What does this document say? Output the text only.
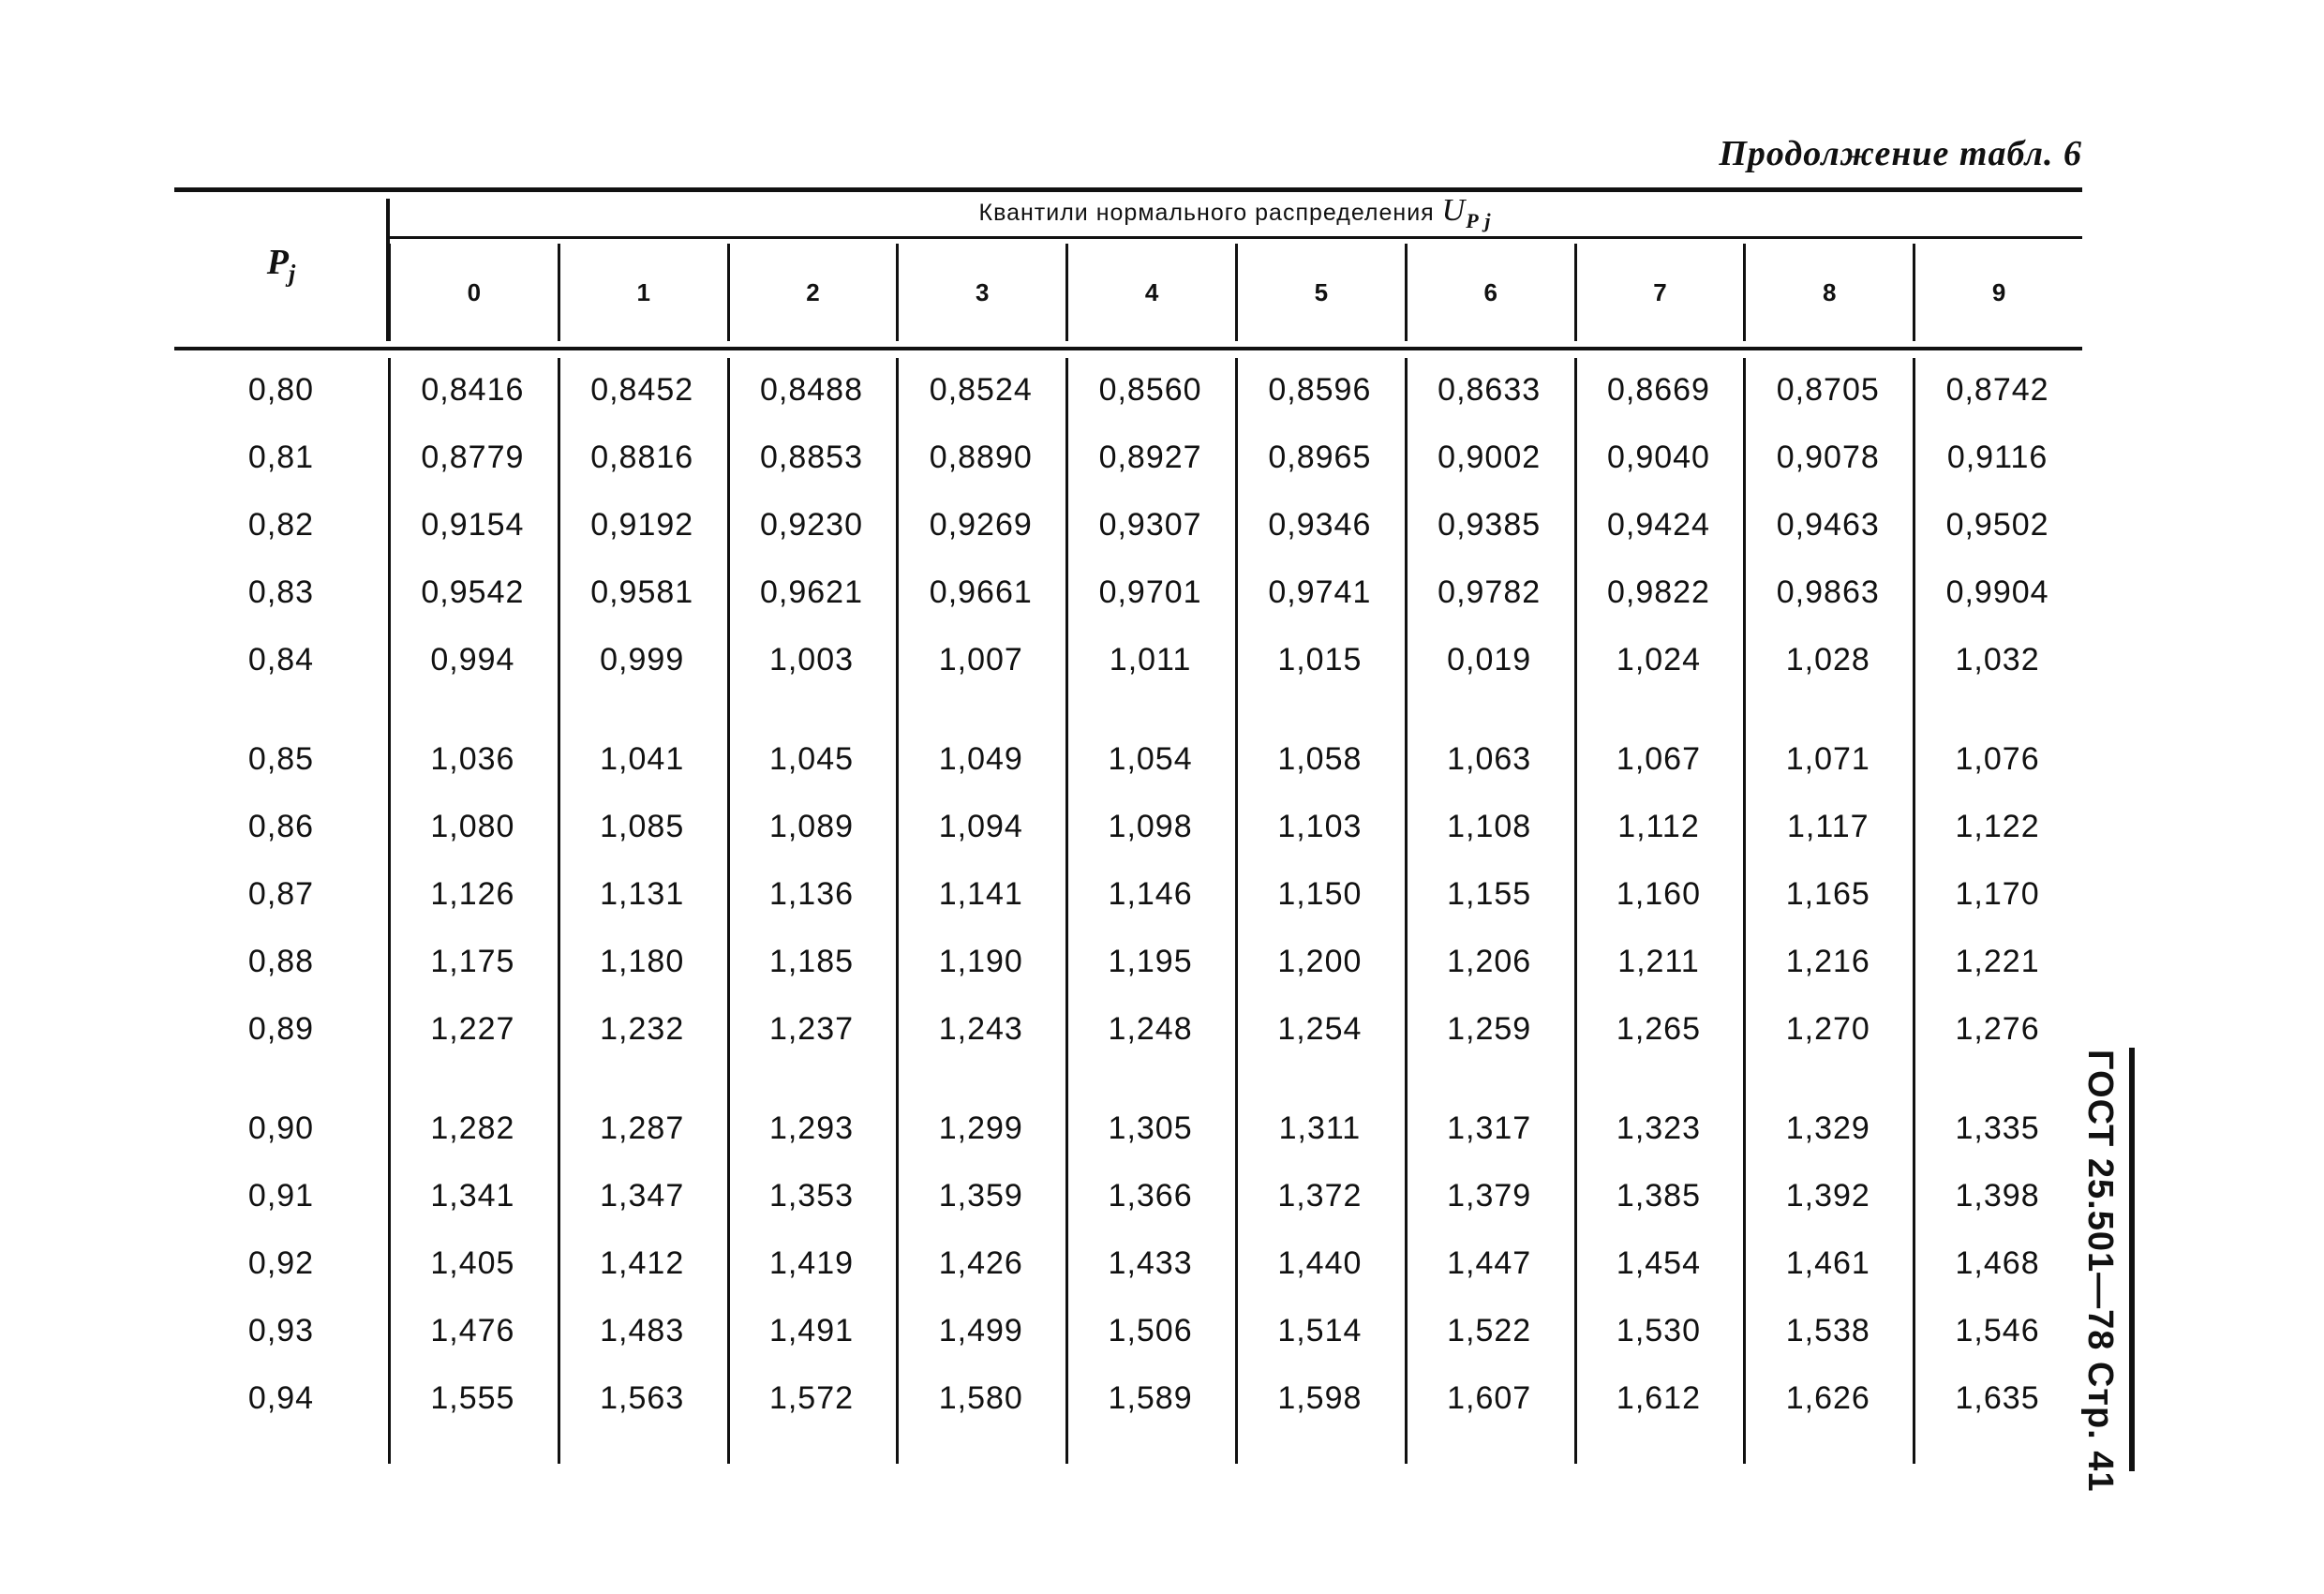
Продолжение табл. 6
$P_j$
Квантили нормального распределения $U_{P j}$
0	1	2	3	4	5	6	7	8	9
0,80	0,8416	0,8452	0,8488	0,8524	0,8560	0,8596	0,8633	0,8669	0,8705	0,8742
0,81	0,8779	0,8816	0,8853	0,8890	0,8927	0,8965	0,9002	0,9040	0,9078	0,9116
0,82	0,9154	0,9192	0,9230	0,9269	0,9307	0,9346	0,9385	0,9424	0,9463	0,9502
0,83	0,9542	0,9581	0,9621	0,9661	0,9701	0,9741	0,9782	0,9822	0,9863	0,9904
0,84	0,994	0,999	1,003	1,007	1,011	1,015	0,019	1,024	1,028	1,032
0,85	1,036	1,041	1,045	1,049	1,054	1,058	1,063	1,067	1,071	1,076
0,86	1,080	1,085	1,089	1,094	1,098	1,103	1,108	1,112	1,117	1,122
0,87	1,126	1,131	1,136	1,141	1,146	1,150	1,155	1,160	1,165	1,170
0,88	1,175	1,180	1,185	1,190	1,195	1,200	1,206	1,211	1,216	1,221
0,89	1,227	1,232	1,237	1,243	1,248	1,254	1,259	1,265	1,270	1,276
0,90	1,282	1,287	1,293	1,299	1,305	1,311	1,317	1,323	1,329	1,335
0,91	1,341	1,347	1,353	1,359	1,366	1,372	1,379	1,385	1,392	1,398
0,92	1,405	1,412	1,419	1,426	1,433	1,440	1,447	1,454	1,461	1,468
0,93	1,476	1,483	1,491	1,499	1,506	1,514	1,522	1,530	1,538	1,546
0,94	1,555	1,563	1,572	1,580	1,589	1,598	1,607	1,612	1,626	1,635	ГОСТ 25.501—78 Стр. 41
